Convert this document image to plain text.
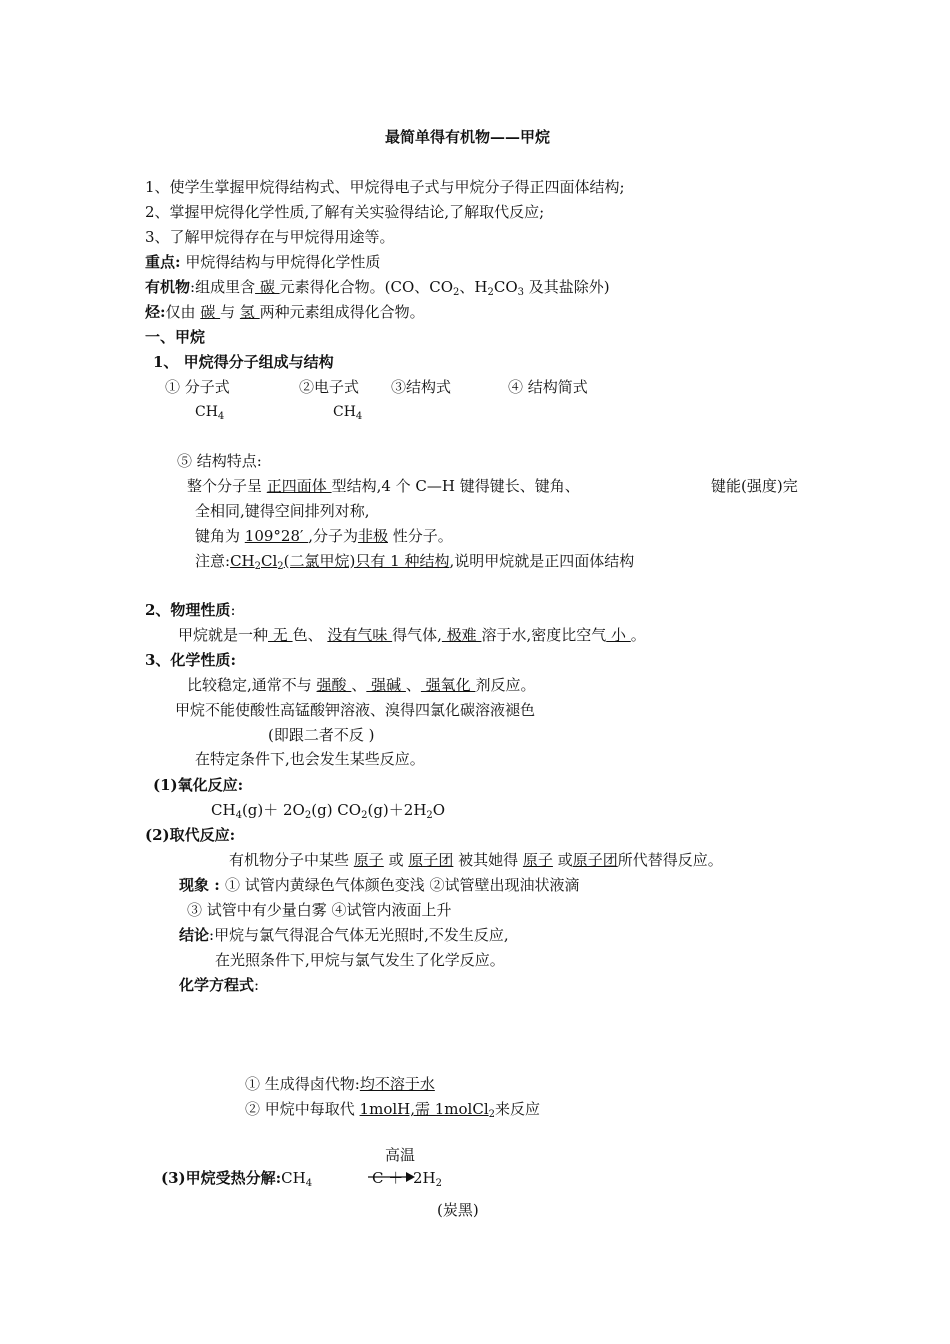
最简单得有机物——甲烷
1、使学生掌握甲烷得结构式、甲烷得电子式与甲烷分子得正四面体结构;
2、掌握甲烷得化学性质,了解有关实验得结论,了解取代反应;
3、了解甲烷得存在与甲烷得用途等。
重点: 甲烷得结构与甲烷得化学性质
有机物:组成里含 碳 元素得化合物。(CO、$CO_2$、$H_2CO_3$ 及其盐除外)
烃:仅由 碳 与 氢 两种元素组成得化合物。
一、甲烷
1、 甲烷得分子组成与结构
① 分子式	②电子式 ③结构式	④ 结构简式
$CH_4$	$CH_4$
⑤ 结构特点:
整个分子呈 正四面体 型结构,4 个 C—H 键得键长、键角、	键能(强度)完
全相同,键得空间排列对称,
键角为 109°28′ ,分子为非极 性分子。
注意$:CH_2Cl_2$(二氯甲烷)只有 1 种结构,说明甲烷就是正四面体结构
2、物理性质:
甲烷就是一种 无 色、 没有气味 得气体, 极难 溶于水,密度比空气 小 。
3、化学性质:
比较稳定,通常不与 强酸 、 强碱 、 强氧化 剂反应。
甲烷不能使酸性高锰酸钾溶液、溴得四氯化碳溶液褪色
(即跟二者不反 )
在特定条件下,也会发生某些反应。
(1)氧化反应:
$CH_4(g)+ 2O_2(g)$ $CO_2(g)+2H_2O$
(2)取代反应:
有机物分子中某些 原子 或 原子团 被其她得 原子 或原子团所代替得反应。
现象 : ① 试管内黄绿色气体颜色变浅 ②试管壁出现油状液滴
③ 试管中有少量白雾 ④试管内液面上升
结论:甲烷与氯气得混合气体无光照时,不发生反应,
在光照条件下,甲烷与氯气发生了化学反应。
化学方程式:
① 生成得卤代物:均不溶于水
② 甲烷中每取代 1molH,需 1molCl$_2$来反应
高温
(3)甲烷受热分解$:CH_4$	$C + 2H_2$
(炭黑)
